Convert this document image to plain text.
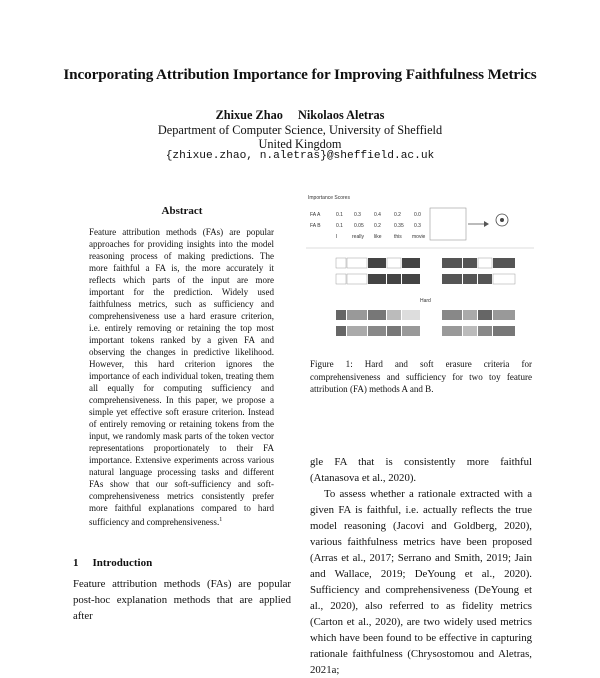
Incorporating Attribution Importance for Improving Faithfulness Metrics
Zhixue Zhao Nikolaos Aletras
Department of Computer Science, University of Sheffield
United Kingdom
{zhixue.zhao, n.aletras}@sheffield.ac.uk
Abstract
Feature attribution methods (FAs) are popular approaches for providing insights into the model reasoning process of making predictions. The more faithful a FA is, the more accurately it reflects which parts of the input are more important for the prediction. Widely used faithfulness metrics, such as sufficiency and comprehensiveness use a hard erasure criterion, i.e. entirely removing or retaining the top most important tokens ranked by a given FA and observing the changes in predictive likelihood. However, this hard criterion ignores the importance of each individual token, treating them all equally for computing sufficiency and comprehensiveness. In this paper, we propose a simple yet effective soft erasure criterion. Instead of entirely removing or retaining tokens from the input, we randomly mask parts of the token vector representations proportionately to their FA importance. Extensive experiments across various natural language processing tasks and different FAs show that our soft-sufficiency and soft-comprehensiveness metrics consistently prefer more faithful explanations compared to hard sufficiency and comprehensiveness.$^1$
1 Introduction
Feature attribution methods (FAs) are popular post-hoc explanation methods that are applied after
Importance Scores
FA A
FA B
0.1 0.3	0.4	0.2	0.0
0.1 0.05 0.2	0.35 0.3
I	really like this movie
Hard
Figure 1: Hard and soft erasure criteria for comprehensiveness and sufficiency for two toy feature attribution (FA) methods A and B.
gle FA that is consistently more faithful (Atanasova et al., 2020).
To assess whether a rationale extracted with a given FA is faithful, i.e. actually reflects the true model reasoning (Jacovi and Goldberg, 2020), various faithfulness metrics have been proposed (Arras et al., 2017; Serrano and Smith, 2019; Jain and Wallace, 2019; DeYoung et al., 2020). Sufficiency and comprehensiveness (DeYoung et al., 2020), also referred to as fidelity metrics (Carton et al., 2020), are two widely used metrics which have been found to be effective in capturing rationale faithfulness (Chrysostomou and Aletras, 2021a;
